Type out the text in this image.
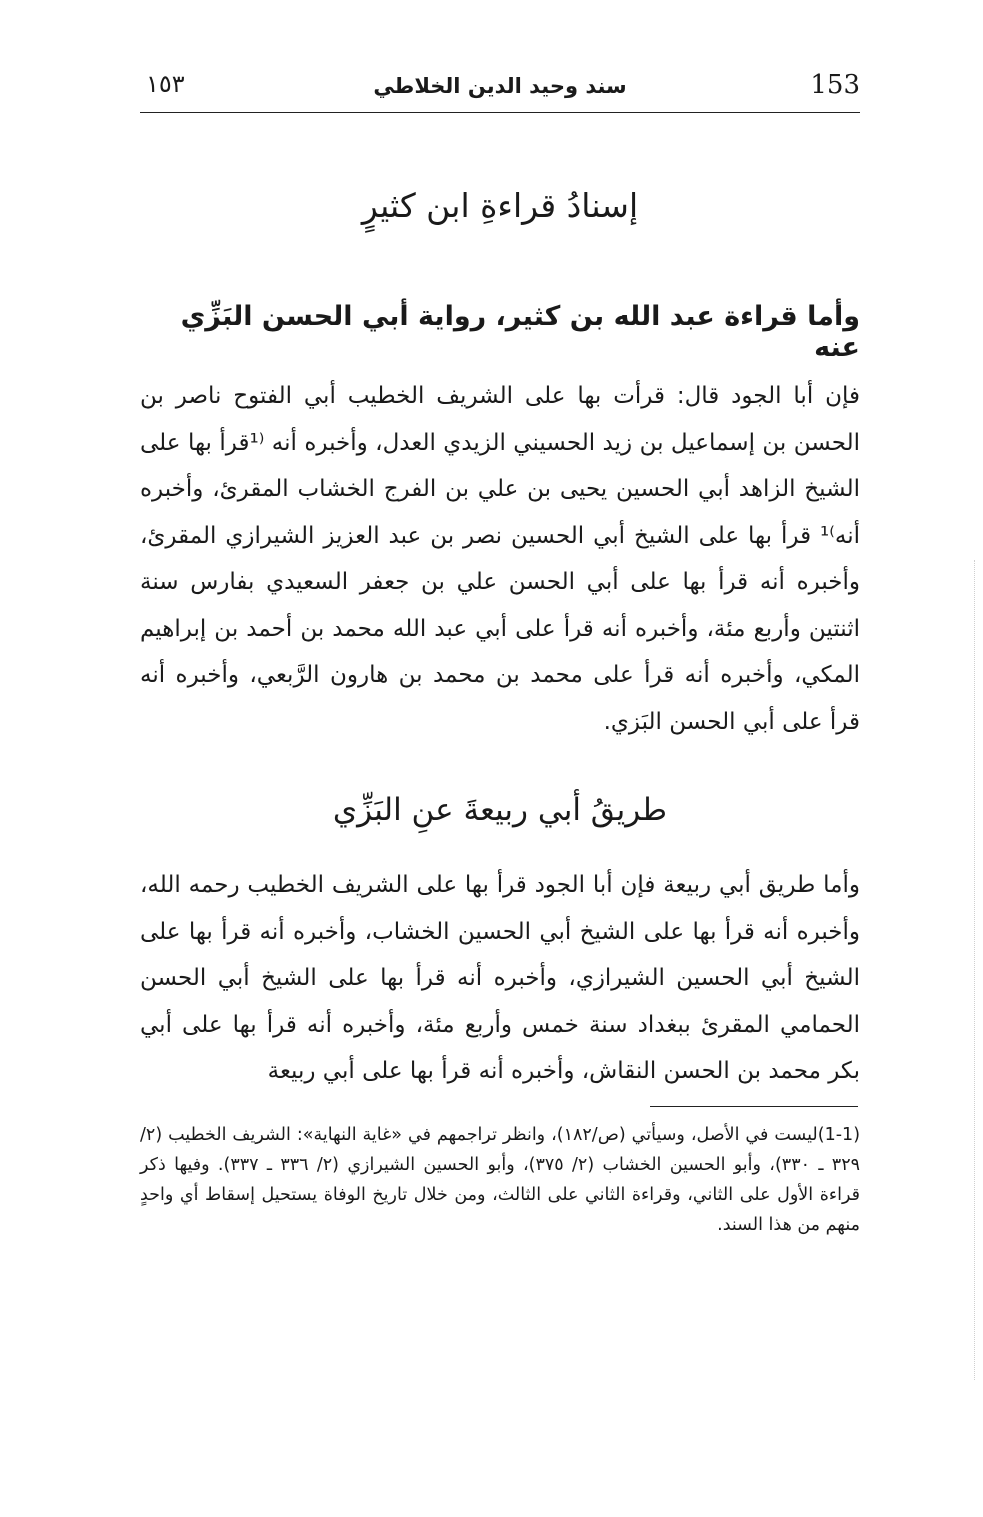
153
سند وحيد الدين الخلاطي
١٥٣
إسنادُ قراءةِ ابن كثيرٍ
وأما قراءة عبد الله بن كثير، رواية أبي الحسن البَزِّي عنه
فإن أبا الجود قال: قرأت بها على الشريف الخطيب أبي الفتوح ناصر بن الحسن بن إسماعيل بن زيد الحسيني الزيدي العدل، وأخبره أنه ⁽¹قرأ بها على الشيخ الزاهد أبي الحسين يحيى بن علي بن الفرج الخشاب المقرئ، وأخبره أنه⁾¹ قرأ بها على الشيخ أبي الحسين نصر بن عبد العزيز الشيرازي المقرئ، وأخبره أنه قرأ بها على أبي الحسن علي بن جعفر السعيدي بفارس سنة اثنتين وأربع مئة، وأخبره أنه قرأ على أبي عبد الله محمد بن أحمد بن إبراهيم المكي، وأخبره أنه قرأ على محمد بن محمد بن هارون الرَّبعي، وأخبره أنه قرأ على أبي الحسن البَزي.
طريقُ أبي ربيعةَ عنِ البَزِّي
وأما طريق أبي ربيعة فإن أبا الجود قرأ بها على الشريف الخطيب رحمه الله، وأخبره أنه قرأ بها على الشيخ أبي الحسين الخشاب، وأخبره أنه قرأ بها على الشيخ أبي الحسين الشيرازي، وأخبره أنه قرأ بها على الشيخ أبي الحسن الحمامي المقرئ ببغداد سنة خمس وأربع مئة، وأخبره أنه قرأ بها على أبي بكر محمد بن الحسن النقاش، وأخبره أنه قرأ بها على أبي ربيعة
(1-1)ليست في الأصل، وسيأتي (ص/١٨٢)، وانظر تراجمهم في «غاية النهاية»: الشريف الخطيب (٢/ ٣٢٩ ـ ٣٣٠)، وأبو الحسين الخشاب (٢/ ٣٧٥)، وأبو الحسين الشيرازي (٢/ ٣٣٦ ـ ٣٣٧). وفيها ذكر قراءة الأول على الثاني، وقراءة الثاني على الثالث، ومن خلال تاريخ الوفاة يستحيل إسقاط أي واحدٍ منهم من هذا السند.
